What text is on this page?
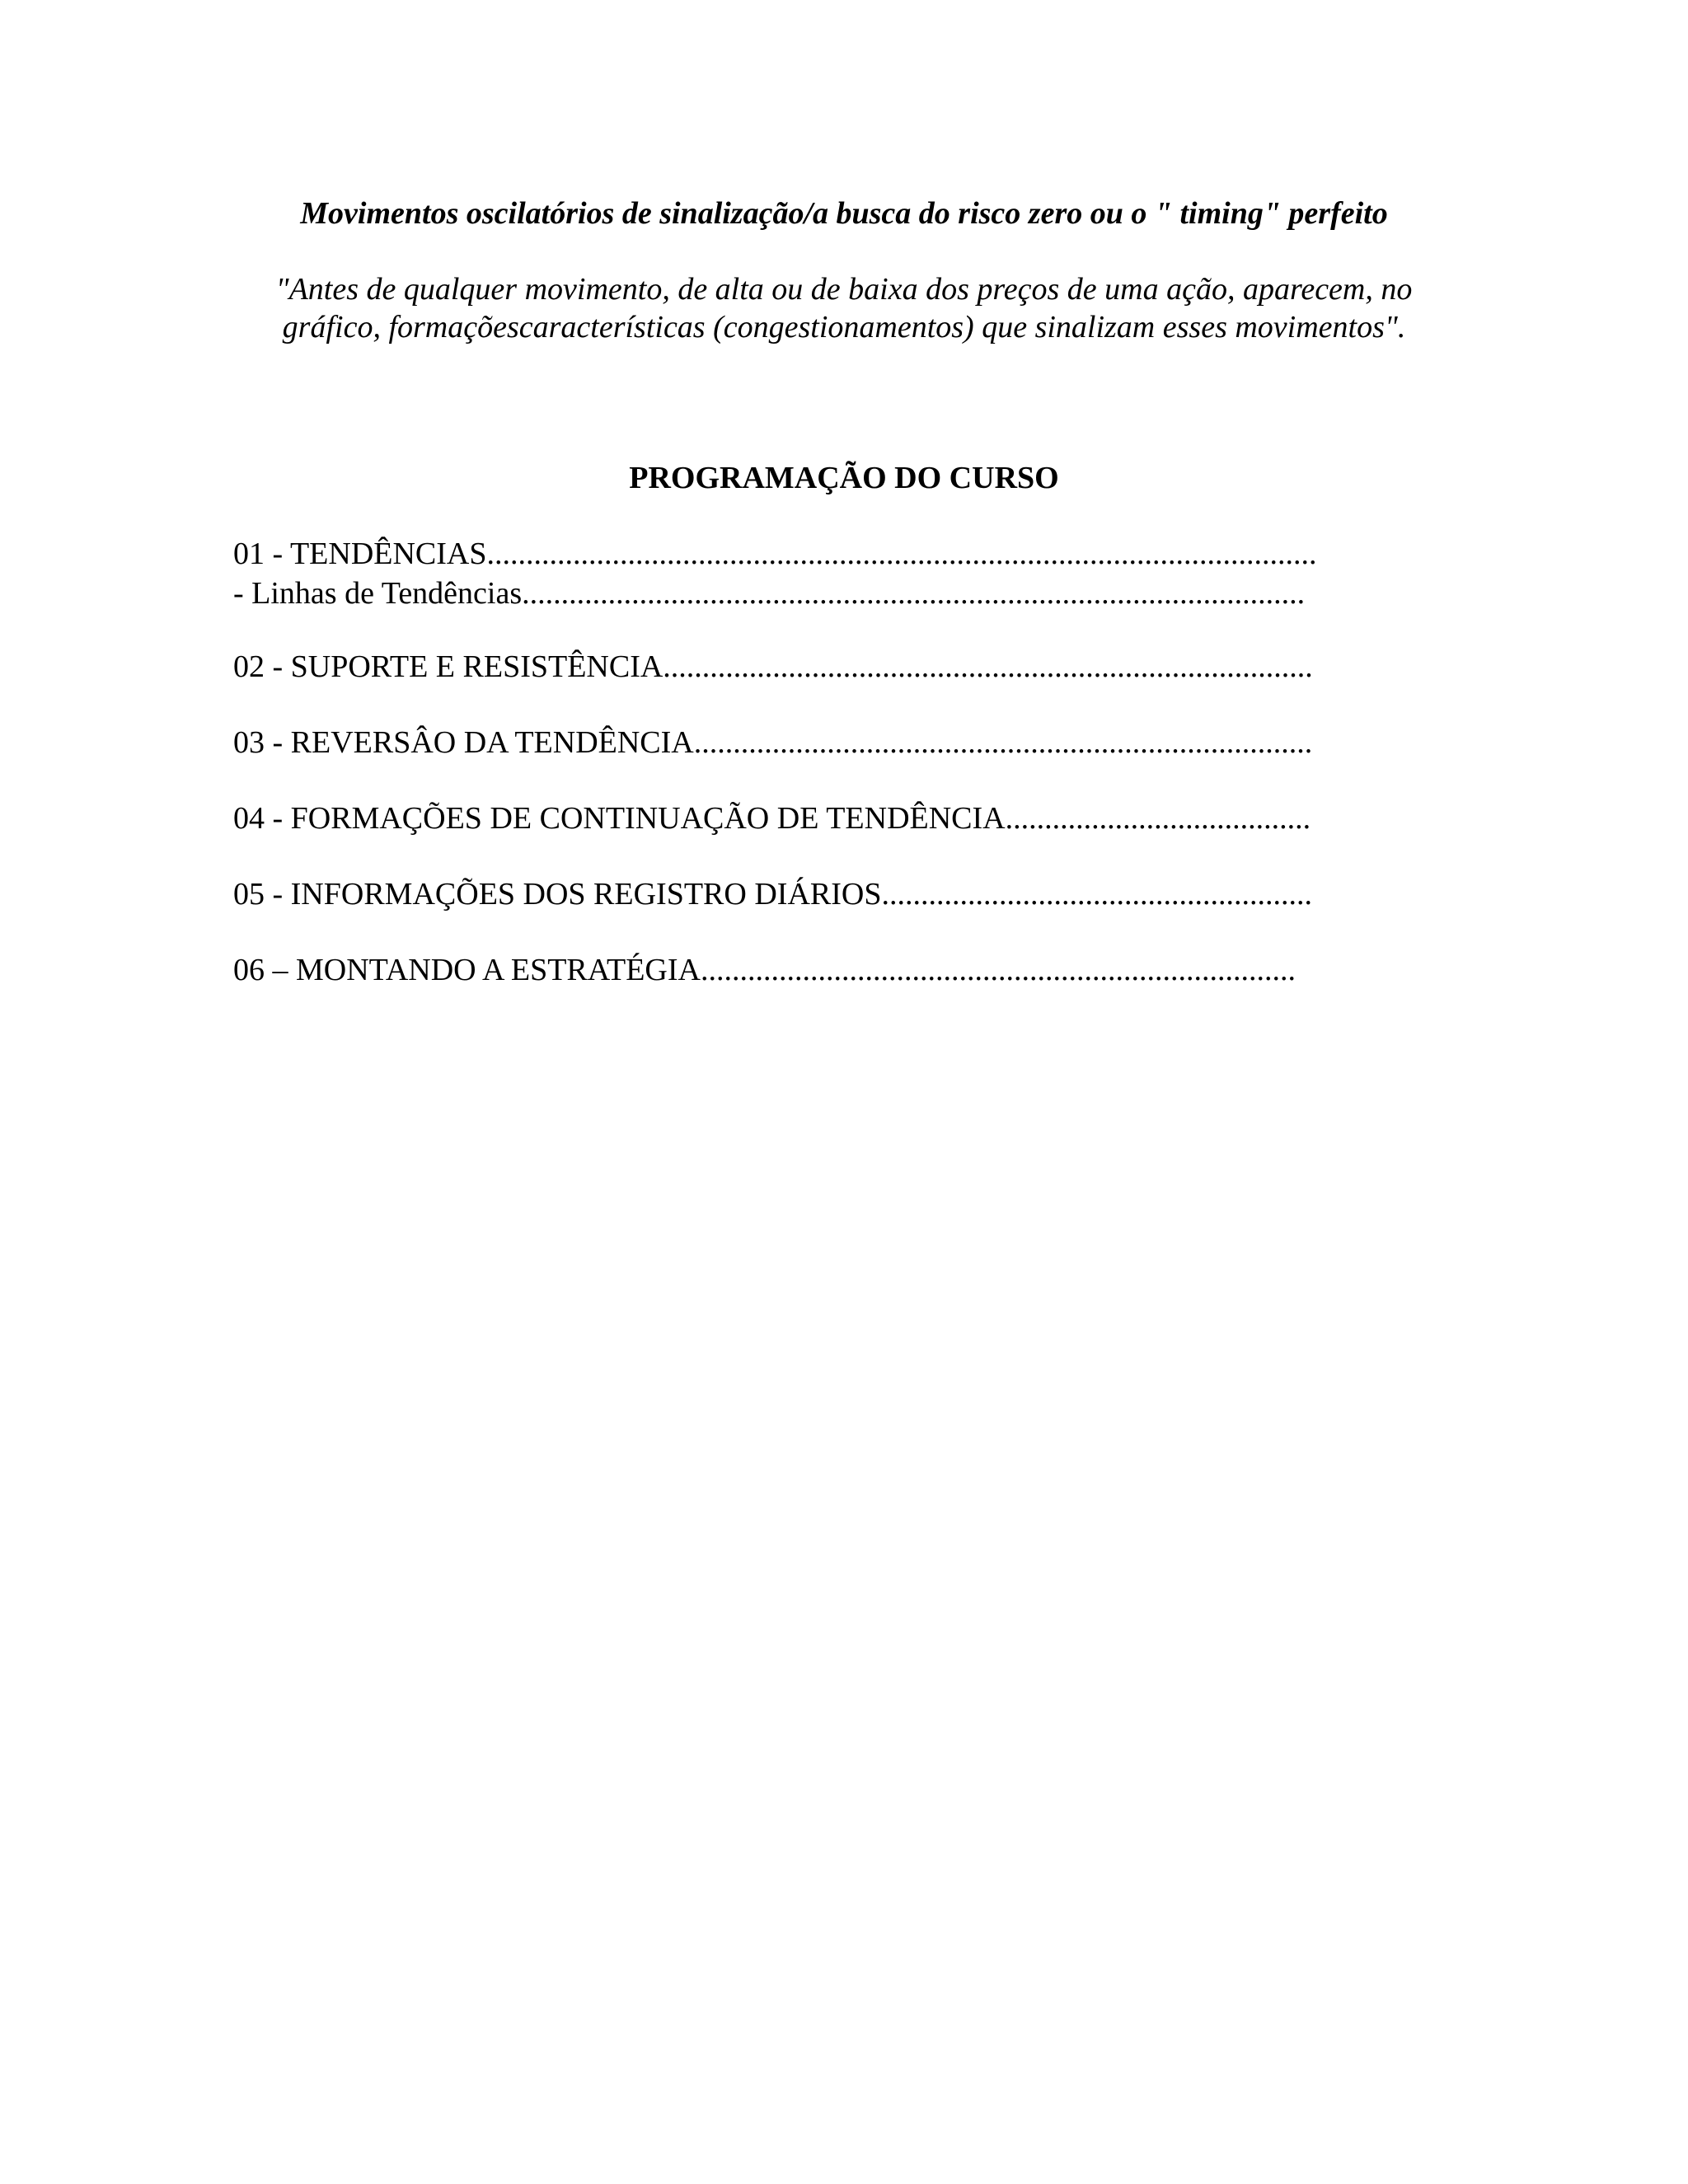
Movimentos oscilatórios de sinalização/a busca do risco zero ou o " timing" perfeito
"Antes de qualquer movimento, de alta ou de baixa dos preços de uma ação, aparecem, no
gráfico, formaçõescaracterísticas (congestionamentos) que sinalizam esses movimentos".
PROGRAMAÇÃO DO CURSO
01 - TENDÊNCIAS..........................................................................................................
- Linhas de Tendências....................................................................................................
02 - SUPORTE E RESISTÊNCIA...................................................................................
03 - REVERSÂO DA TENDÊNCIA...............................................................................
04 - FORMAÇÕES DE CONTINUAÇÃO DE TENDÊNCIA.......................................
05 - INFORMAÇÕES DOS REGISTRO DIÁRIOS.......................................................
06 – MONTANDO A ESTRATÉGIA............................................................................
